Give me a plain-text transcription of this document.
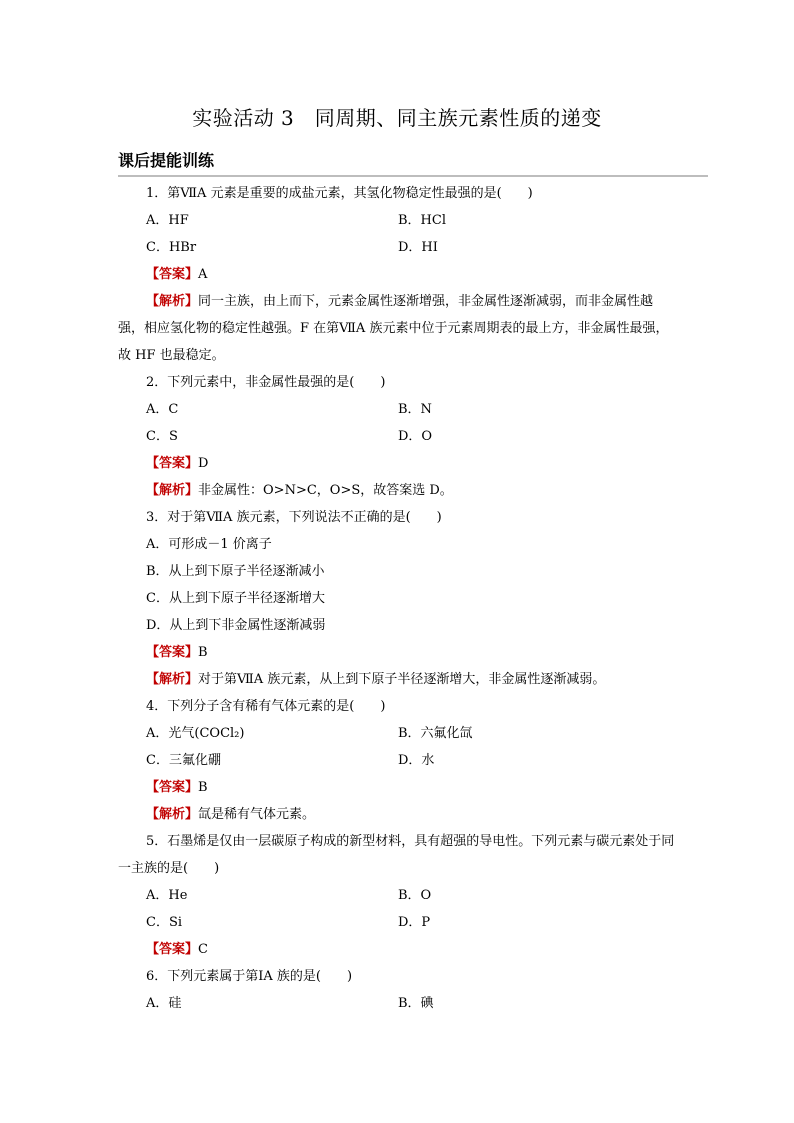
实验活动 3　同周期、同主族元素性质的递变
课后提能训练
1．第ⅦA 元素是重要的成盐元素，其氢化物稳定性最强的是(　　)
A．HF	B．HCl
C．HBr	D．HI
【答案】A
【解析】同一主族，由上而下，元素金属性逐渐增强，非金属性逐渐减弱，而非金属性越强，相应氢化物的稳定性越强。F 在第ⅦA 族元素中位于元素周期表的最上方，非金属性最强，故 HF 也最稳定。
2．下列元素中，非金属性最强的是(　　)
A．C	B．N
C．S	D．O
【答案】D
【解析】非金属性：O>N>C，O>S，故答案选 D。
3．对于第ⅦA 族元素，下列说法不正确的是(　　)
A．可形成－1 价离子
B．从上到下原子半径逐渐减小
C．从上到下原子半径逐渐增大
D．从上到下非金属性逐渐减弱
【答案】B
【解析】对于第ⅦA 族元素，从上到下原子半径逐渐增大，非金属性逐渐减弱。
4．下列分子含有稀有气体元素的是(　　)
A．光气(COCl₂)	B．六氟化氙
C．三氟化硼	D．水
【答案】B
【解析】氙是稀有气体元素。
5．石墨烯是仅由一层碳原子构成的新型材料，具有超强的导电性。下列元素与碳元素处于同一主族的是(　　)
A．He	B．O
C．Si	D．P
【答案】C
6．下列元素属于第ⅠA 族的是(　　)
A．硅	B．碘
